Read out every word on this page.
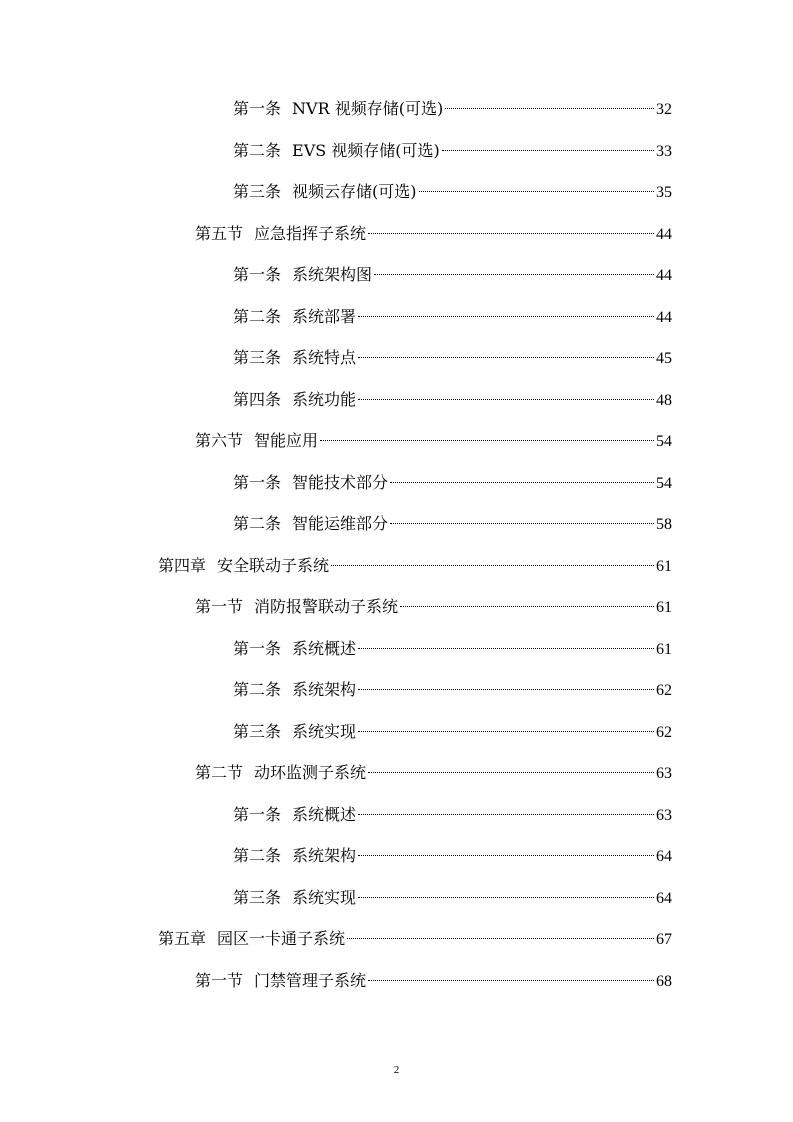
第一条 NVR 视频存储(可选)	32
第二条 EVS 视频存储(可选)	33
第三条 视频云存储(可选)	35
第五节 应急指挥子系统	44
第一条 系统架构图	44
第二条 系统部署	44
第三条 系统特点	45
第四条 系统功能	48
第六节 智能应用	54
第一条 智能技术部分	54
第二条 智能运维部分	58
第四章 安全联动子系统	61
第一节 消防报警联动子系统	61
第一条 系统概述	61
第二条 系统架构	62
第三条 系统实现	62
第二节 动环监测子系统	63
第一条 系统概述	63
第二条 系统架构	64
第三条 系统实现	64
第五章 园区一卡通子系统	67
第一节 门禁管理子系统	68
2
